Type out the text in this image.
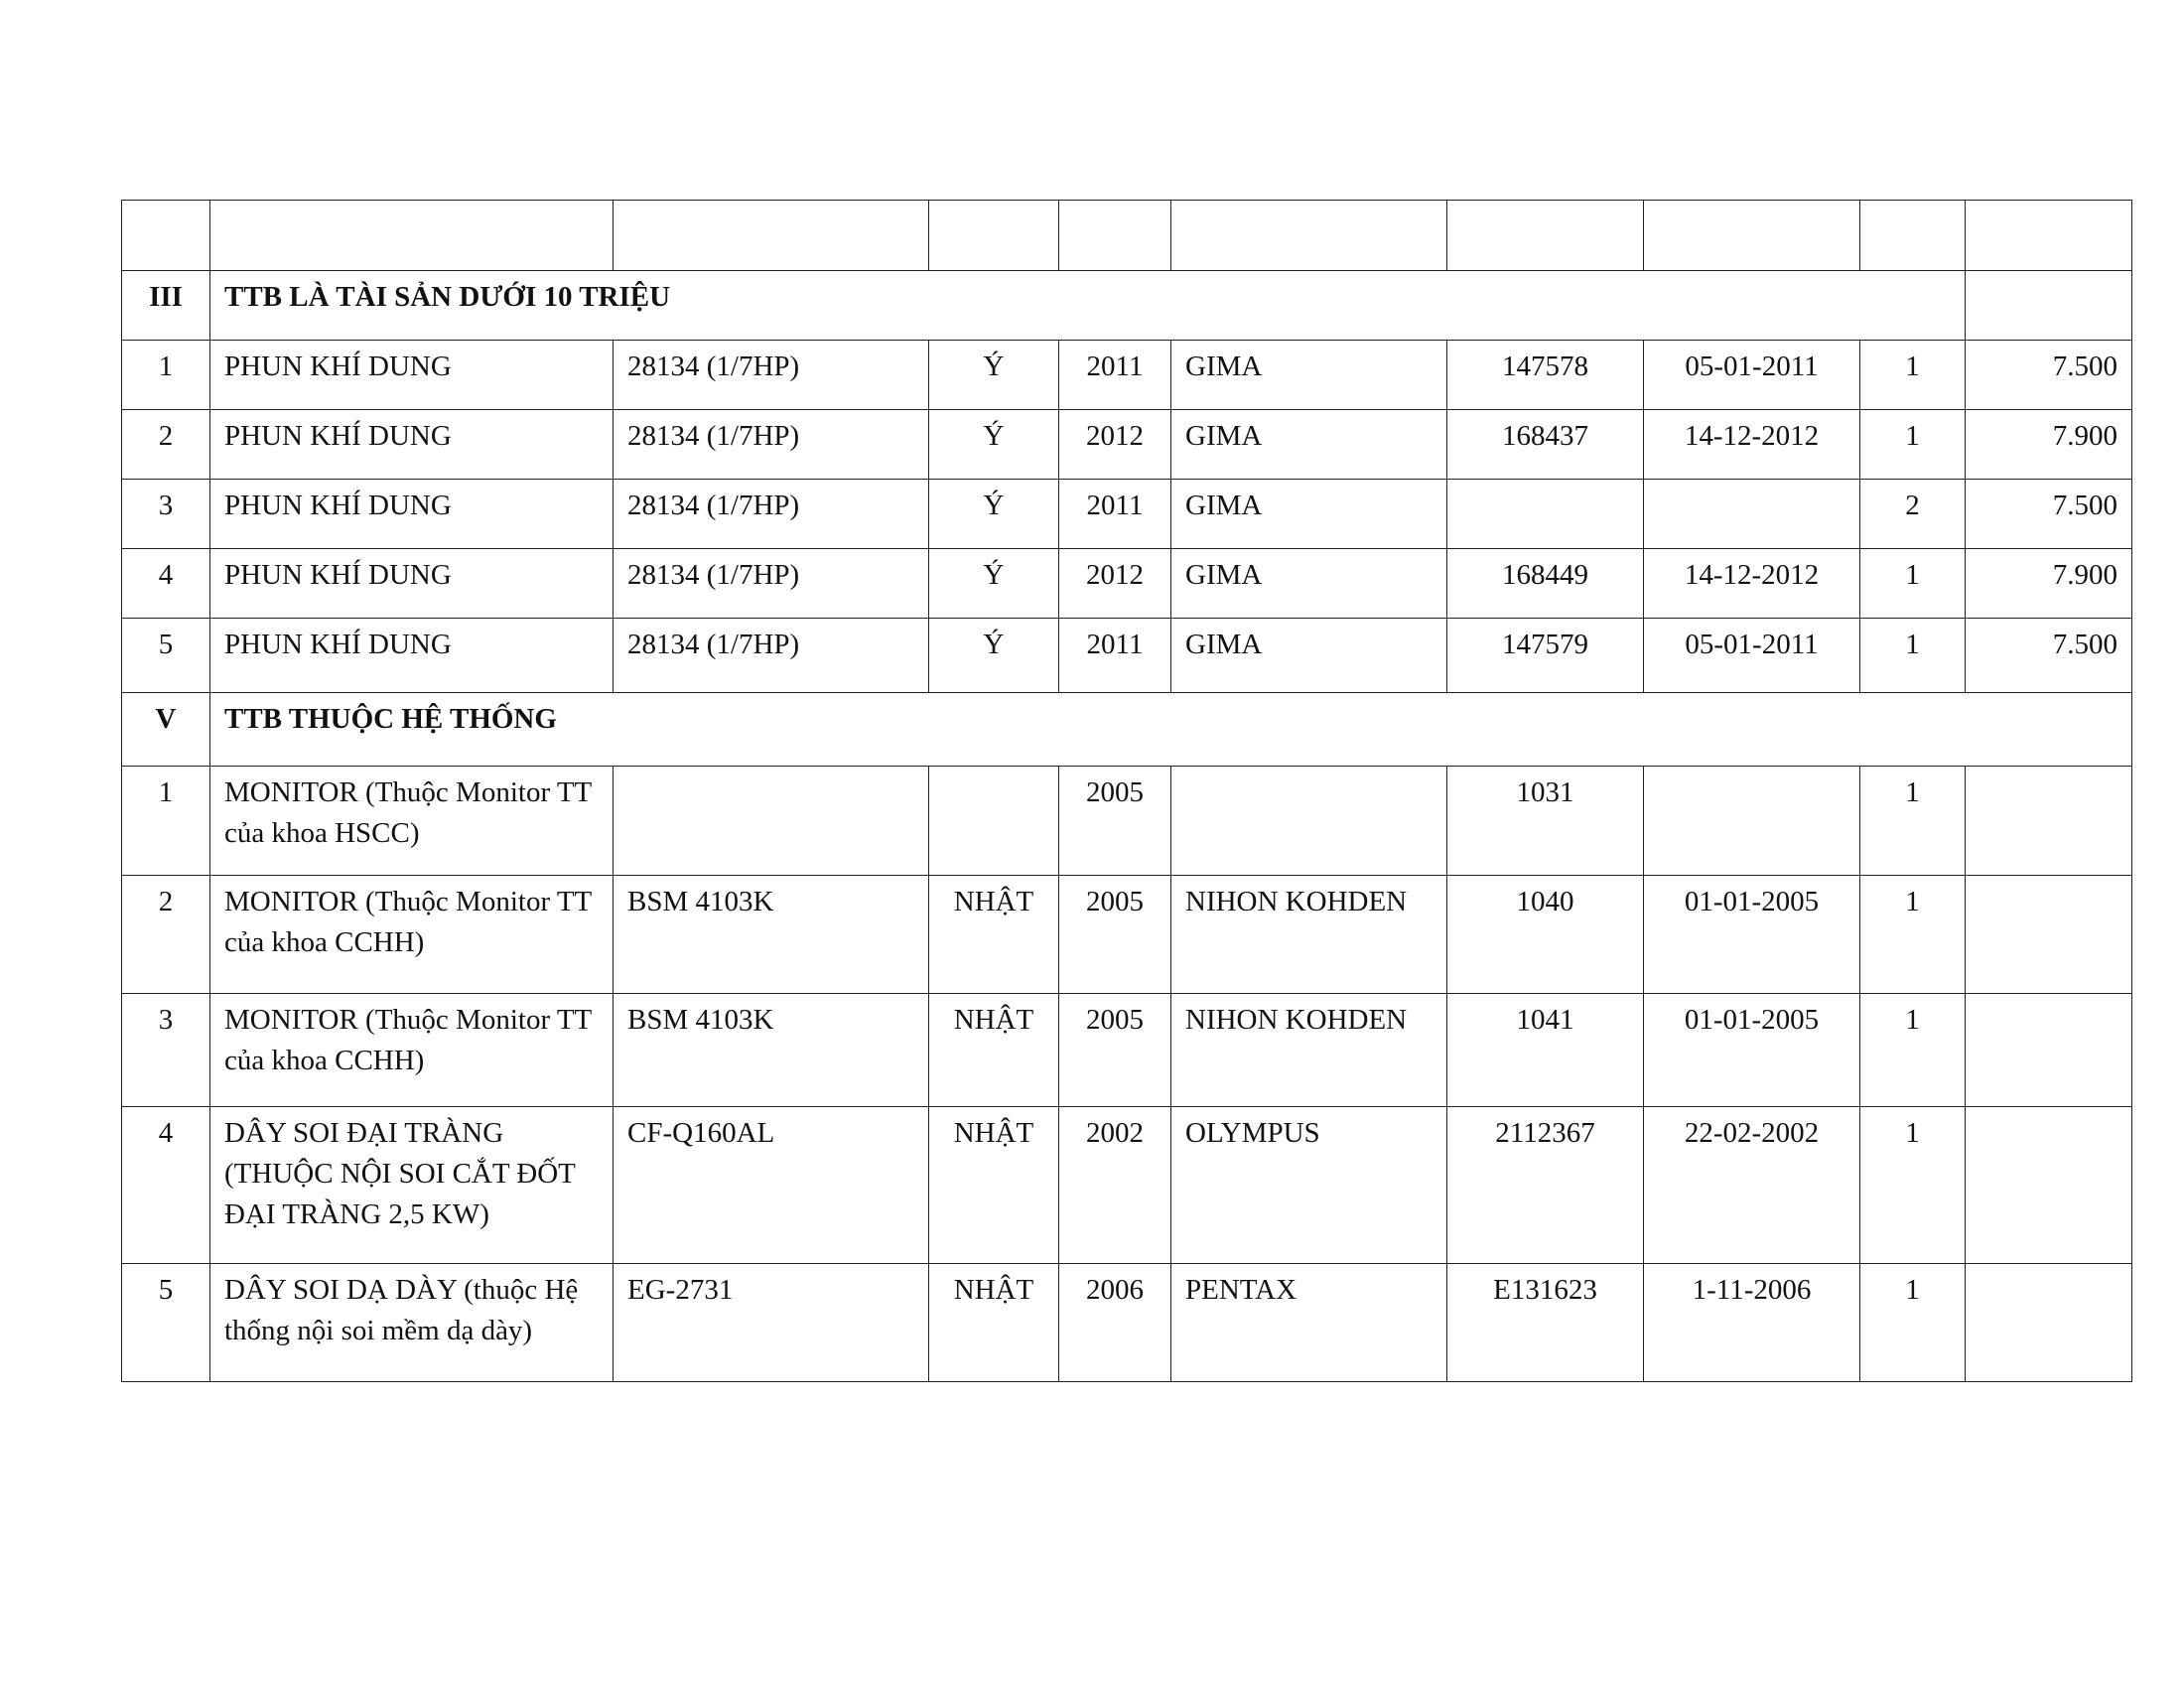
III	TTB LÀ TÀI SẢN DƯỚI 10 TRIỆU								

1	PHUN KHÍ DUNG	28134 (1/7HP)	Ý	2011	GIMA	147578	05-01-2011	1	7.500

2	PHUN KHÍ DUNG	28134 (1/7HP)	Ý	2012	GIMA	168437	14-12-2012	1	7.900

3	PHUN KHÍ DUNG	28134 (1/7HP)	Ý	2011	GIMA			2	7.500

4	PHUN KHÍ DUNG	28134 (1/7HP)	Ý	2012	GIMA	168449	14-12-2012	1	7.900

5	PHUN KHÍ DUNG	28134 (1/7HP)	Ý	2011	GIMA	147579	05-01-2011	1	7.500

V	TTB THUỘC HỆ THỐNG								

1	MONITOR (Thuộc Monitor TT của khoa HSCC)			2005		1031		1	

2	MONITOR (Thuộc Monitor TT của khoa CCHH)	BSM 4103K	NHẬT	2005	NIHON KOHDEN	1040	01-01-2005	1	

3	MONITOR (Thuộc Monitor TT của khoa CCHH)	BSM 4103K	NHẬT	2005	NIHON KOHDEN	1041	01-01-2005	1	

4	DÂY SOI ĐẠI TRÀNG (THUỘC NỘI SOI CẮT ĐỐT ĐẠI TRÀNG 2,5 KW)	CF-Q160AL	NHẬT	2002	OLYMPUS	2112367	22-02-2002	1	

5	DÂY SOI DẠ DÀY (thuộc Hệ thống nội soi mềm dạ dày)	EG-2731	NHẬT	2006	PENTAX	E131623	1-11-2006	1	
